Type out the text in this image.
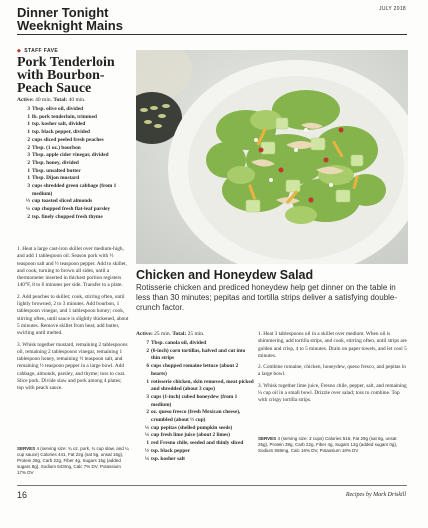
Dinner Tonight
Weeknight Mains
JULY 2018
◆ STAFF FAVE
Pork Tenderloin with Bourbon-Peach Sauce
Active: 40 min. Total: 40 min.
3 Tbsp. olive oil, divided
1 lb. pork tenderloin, trimmed
1 tsp. kosher salt, divided
1 tsp. black pepper, divided
2 cups sliced peeled fresh peaches
2 Tbsp. (1 oz.) bourbon
3 Tbsp. apple cider vinegar, divided
2 Tbsp. honey, divided
1 Tbsp. unsalted butter
1 Tbsp. Dijon mustard
3 cups shredded green cabbage (from 1 medium)
⅓ cup toasted sliced almonds
¼ cup chopped fresh flat-leaf parsley
2 tsp. finely chopped fresh thyme

1. Heat a large cast-iron skillet over medium-high, and add 1 tablespoon oil. Season pork with ½ teaspoon salt and ½ teaspoon pepper. Add to skillet, and cook, turning to brown all sides, until a thermometer inserted in thickest portion registers 140°F, 8 to 6 minutes per side. Transfer to a plate.

2. Add peaches to skillet; cook, stirring often, until lightly browned, 2 to 3 minutes. Add bourbon, 1 tablespoon vinegar, and 1 tablespoon honey; cook, stirring often, until sauce is slightly thickened, about 5 minutes. Remove skillet from heat; add butter, swirling until melted.

3. Whisk together mustard, remaining 2 tablespoons oil, remaining 2 tablespoons vinegar, remaining 1 tablespoon honey, remaining ½ teaspoon salt, and remaining ½ teaspoon pepper in a large bowl. Add cabbage, almonds, parsley, and thyme; toss to coat. Slice pork. Divide slaw and pork among 4 plates; top with peach sauce.

SERVES 4 (serving size: ¾ oz. pork, ¾ cup slaw, and ¼ cup sauce) Calories 441, Fat 22g (sat 5g, unsat 16g), Protein 28g, Carb 22g, Fiber 4g, Sugars 15g (added sugars 8g), Sodium 643mg, Calc 7% DV, Potassium 17% DV
Chicken and Honeydew Salad
Rotisserie chicken and prediced honeydew help get dinner on the table in less than 30 minutes; pepitas and tortilla strips deliver a satisfying double-crunch factor.
Active: 25 min. Total: 25 min.
7 Tbsp. canola oil, divided
2 (6-inch) corn tortillas, halved and cut into thin strips
6 cups chopped romaine lettuce (about 2 hearts)
1 rotisserie chicken, skin removed, meat picked and shredded (about 3 cups)
3 cups (1-inch) cubed honeydew (from 1 medium)
2 oz. queso fresco (fresh Mexican cheese), crumbled (about ½ cup)
¼ cup pepitas (shelled pumpkin seeds)
¼ cup fresh lime juice (about 2 limes)
1 red Fresno chile, seeded and thinly sliced
½ tsp. black pepper
¼ tsp. kosher salt

1. Heat 3 tablespoons oil in a skillet over medium. When oil is shimmering, add tortilla strips, and cook, stirring often, until strips are golden and crisp, 4 to 5 minutes. Drain on paper towels, and let cool 5 minutes.

2. Combine romaine, chicken, honeydew, queso fresco, and pepitas in a large bowl.

3. Whisk together lime juice, Fresno chile, pepper, salt, and remaining ¼ cup oil in a small bowl. Drizzle over salad; toss to combine. Top with crispy tortilla strips.

SERVES 4 (serving size: 3 cups) Calories 516, Fat 29g (sat 6g, unsat 25g), Protein 39g, Carb 22g, Fiber 4g, Sugars 12g (added sugars 0g), Sodium 558mg, Calc 16% DV, Potassium 18% DV
16	Recipes by Mark Driskill
